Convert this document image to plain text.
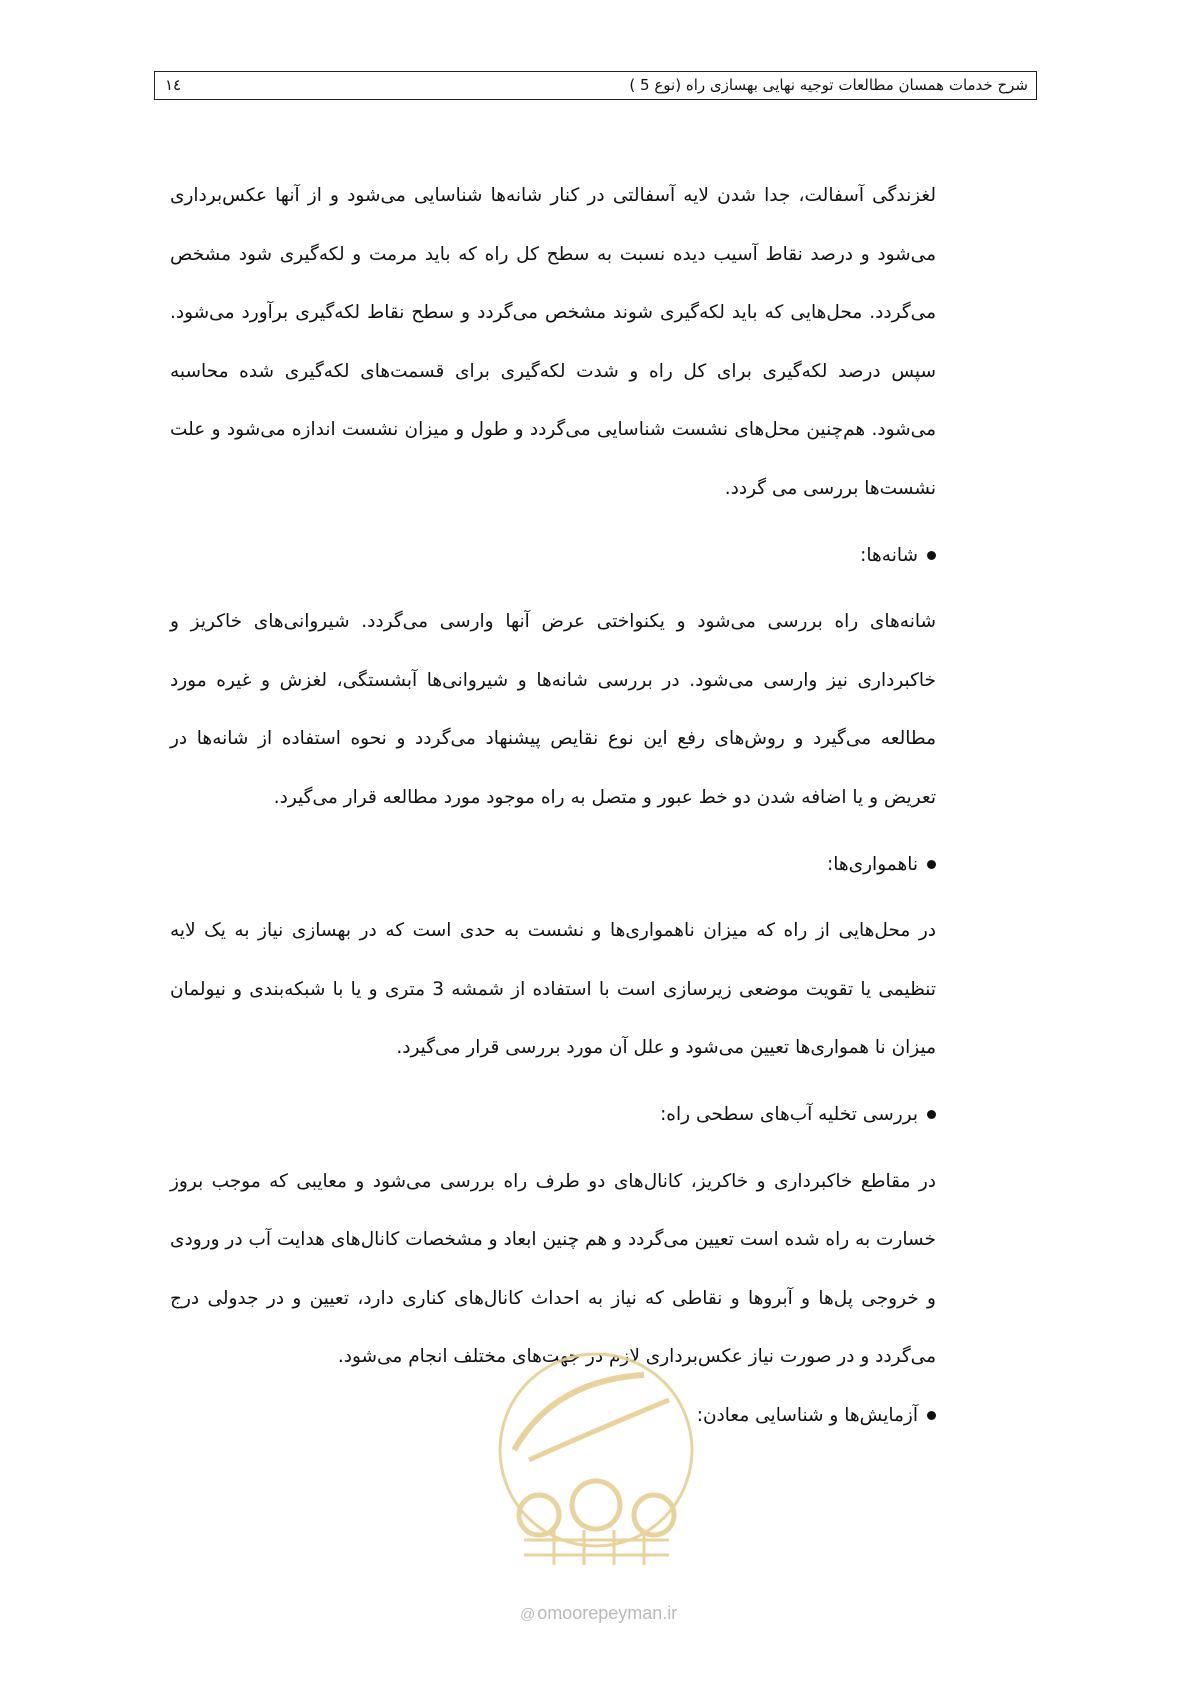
شرح خدمات همسان مطالعات توجیه نهایی بهسازی راه (نوع 5 )
١٤

لغزندگی آسفالت، جدا شدن لایه آسفالتی در کنار شانه‌ها شناسایی می‌شود و از آنها عکس‌برداری می‌شود و درصد نقاط آسیب دیده نسبت به سطح کل راه که باید مرمت و لکه‌گیری شود مشخص می‌گردد. محل‌هایی که باید لکه‌گیری شوند مشخص می‌گردد و سطح نقاط لکه‌گیری برآورد می‌شود. سپس درصد لکه‌گیری برای کل راه و شدت لکه‌گیری برای قسمت‌های لکه‌گیری شده محاسبه می‌شود. هم‌چنین محل‌های نشست شناسایی می‌گردد و طول و میزان نشست اندازه می‌شود و علت نشست‌ها بررسی می گردد.

شانه‌ها:

شانه‌های راه بررسی می‌شود و یکنواختی عرض آنها وارسی می‌گردد. شیروانی‌های خاکریز و خاکبرداری نیز وارسی می‌شود. در بررسی شانه‌ها و شیروانی‌ها آبشستگی، لغزش و غیره مورد مطالعه می‌گیرد و روش‌های رفع این نوع نقایص پیشنهاد می‌گردد و نحوه استفاده از شانه‌ها در تعریض و یا اضافه شدن دو خط عبور و متصل به راه موجود مورد مطالعه قرار می‌گیرد.

ناهمواری‌ها:

در محل‌هایی از راه که میزان ناهمواری‌ها و نشست به حدی است که در بهسازی نیاز به یک لایه تنظیمی یا تقویت موضعی زیرسازی است با استفاده از شمشه 3 متری و یا با شبکه‌بندی و نیولمان میزان نا همواری‌ها تعیین می‌شود و علل آن مورد بررسی قرار می‌گیرد.

بررسی تخلیه آب‌های سطحی راه:

در مقاطع خاکبرداری و خاکریز، کانال‌های دو طرف راه بررسی می‌شود و معایبی که موجب بروز خسارت به راه شده است تعیین می‌گردد و هم چنین ابعاد و مشخصات کانال‌های هدایت آب در ورودی و خروجی پل‌ها و آبروها و نقاطی که نیاز به احداث کانال‌های کناری دارد، تعیین و در جدولی درج می‌گردد و در صورت نیاز عکس‌برداری لازم در جهت‌های مختلف انجام می‌شود.

آزمایش‌ها و شناسایی معادن:
@ omoorepeyman.ir
